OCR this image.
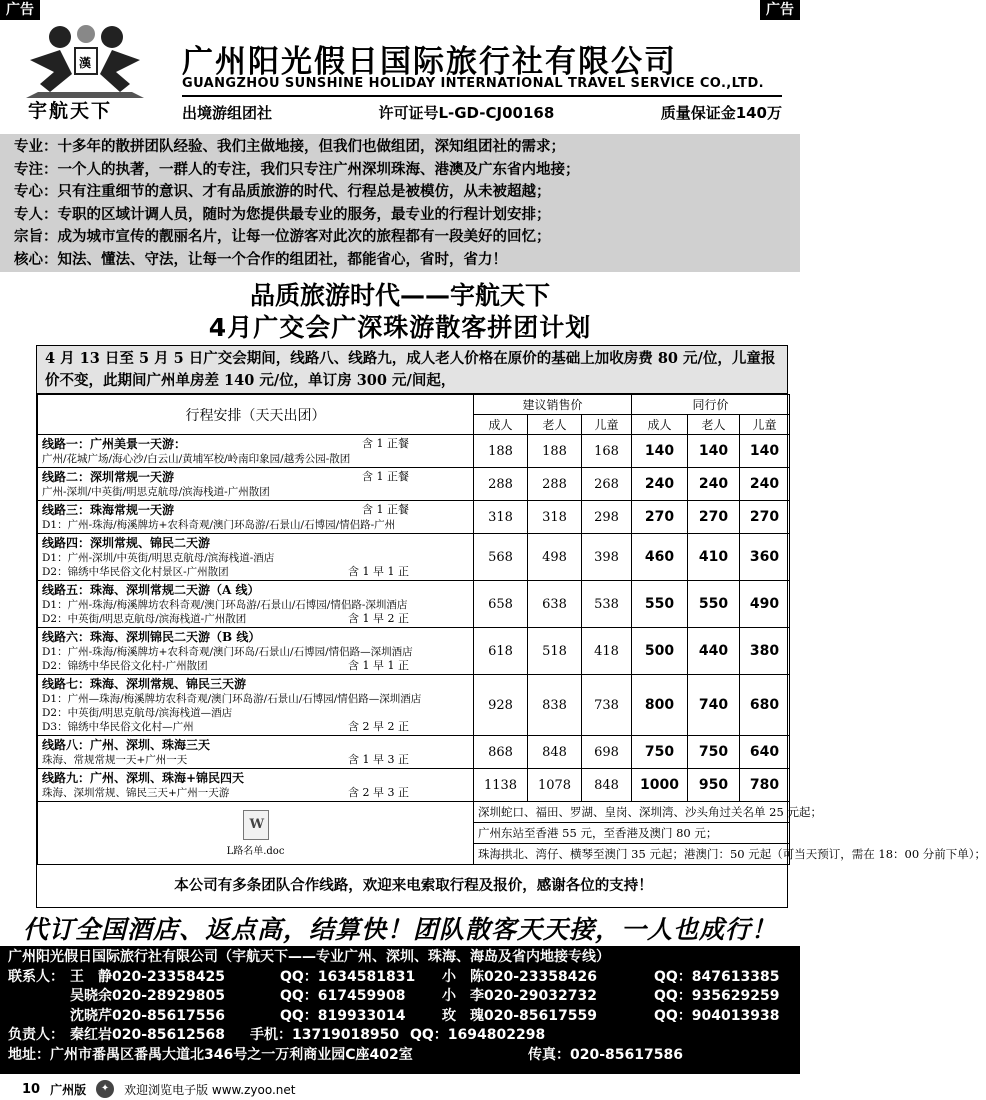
广告	广告
漢
宇航天下
广州阳光假日国际旅行社有限公司
GUANGZHOU SUNSHINE HOLIDAY INTERNATIONAL TRAVEL SERVICE CO.,LTD.
出境游组团社	许可证号L-GD-CJ00168	质量保证金140万
专业：十多年的散拼团队经验、我们主做地接，但我们也做组团，深知组团社的需求；
专注：一个人的执著，一群人的专注，我们只专注广州深圳珠海、港澳及广东省内地接；
专心：只有注重细节的意识、才有品质旅游的时代、行程总是被模仿，从未被超越；
专人：专职的区域计调人员，随时为您提供最专业的服务，最专业的行程计划安排；
宗旨：成为城市宣传的靓丽名片，让每一位游客对此次的旅程都有一段美好的回忆；
核心：知法、懂法、守法，让每一个合作的组团社，都能省心，省时，省力！
品质旅游时代——宇航天下
4月广交会广深珠游散客拼团计划
4 月 13 日至 5 月 5 日广交会期间，线路八、线路九，成人老人价格在原价的基础上加收房费 80 元/位，儿童报价不变，此期间广州单房差 140 元/位，单订房 300 元/间起，
行程安排（天天出团）	建议销售价			同行价		
	成人	老人	儿童	成人	老人	儿童

线路一：广州美景一天游： 含 1 正餐
广州/花城广场/海心沙/白云山/黄埔军校/岭南印象园/越秀公园-散团	188	188	168	140	140	140

线路二：深圳常规一天游 含 1 正餐
广州-深圳/中英街/明思克航母/滨海栈道-广州散团	288	288	268	240	240	240

线路三：珠海常规一天游 含 1 正餐
D1：广州-珠海/梅溪牌坊+农科奇观/澳门环岛游/石景山/石博园/情侣路-广州	318	318	298	270	270	270

线路四：深圳常规、锦民二天游
D1：广州-深圳/中英街/明思克航母/滨海栈道-酒店
D2：锦绣中华民俗文化村景区-广州散团 含 1 早 1 正	568	498	398	460	410	360

线路五：珠海、深圳常规二天游（A 线）
D1：广州-珠海/梅溪牌坊农科奇观/澳门环岛游/石景山/石博园/情侣路-深圳酒店
D2：中英街/明思克航母/滨海栈道-广州散团 含 1 早 2 正	658	638	538	550	550	490

线路六：珠海、深圳锦民二天游（B 线）
D1：广州-珠海/梅溪牌坊+农科奇观/澳门环岛/石景山/石博园/情侣路—深圳酒店
D2：锦绣中华民俗文化村-广州散团 含 1 早 1 正	618	518	418	500	440	380

线路七：珠海、深圳常规、锦民三天游
D1：广州—珠海/梅溪牌坊农科奇观/澳门环岛游/石景山/石博园/情侣路—深圳酒店
D2：中英街/明思克航母/滨海栈道—酒店
D3：锦绣中华民俗文化村—广州 含 2 早 2 正	928	838	738	800	740	680

线路八：广州、深圳、珠海三天
珠海、常规常规一天+广州一天 含 1 早 3 正	868	848	698	750	750	640

线路九：广州、深圳、珠海+锦民四天
珠海、深圳常规、锦民三天+广州一天游 含 2 早 3 正	1138	1078	848	1000	950	780

W
L路名单.doc	深圳蛇口、福田、罗湖、皇岗、深圳湾、沙头角过关名单 25 元起；					
	广州东站至香港 55 元，至香港及澳门 80 元；					
	珠海拱北、湾仔、横琴至澳门 35 元起；港澳门：50 元起（可当天预订，需在 18：00 分前下单）；					
本公司有多条团队合作线路，欢迎来电索取行程及报价，感谢各位的支持！						
代订全国酒店、返点高，结算快！团队散客天天接，一人也成行！
广州阳光假日国际旅行社有限公司（宇航天下——专业广州、深圳、珠海、海岛及省内地接专线）
联系人： 王　静020-23358425	QQ：1634581831	小　陈020-23358426	QQ：847613385
吴晓余020-28929805	QQ：617459908	小　李020-29032732	QQ：935629259
沈晓芹020-85617556	QQ：819933014	玫　瑰020-85617559	QQ：904013938
负责人： 秦红岩020-85612568	手机：13719018950 QQ：1694802298
地址：广州市番禺区番禺大道北346号之一万利商业园C座402室	传真：020-85617586
10 广州版	✦	欢迎浏览电子版 www.zyoo.net
